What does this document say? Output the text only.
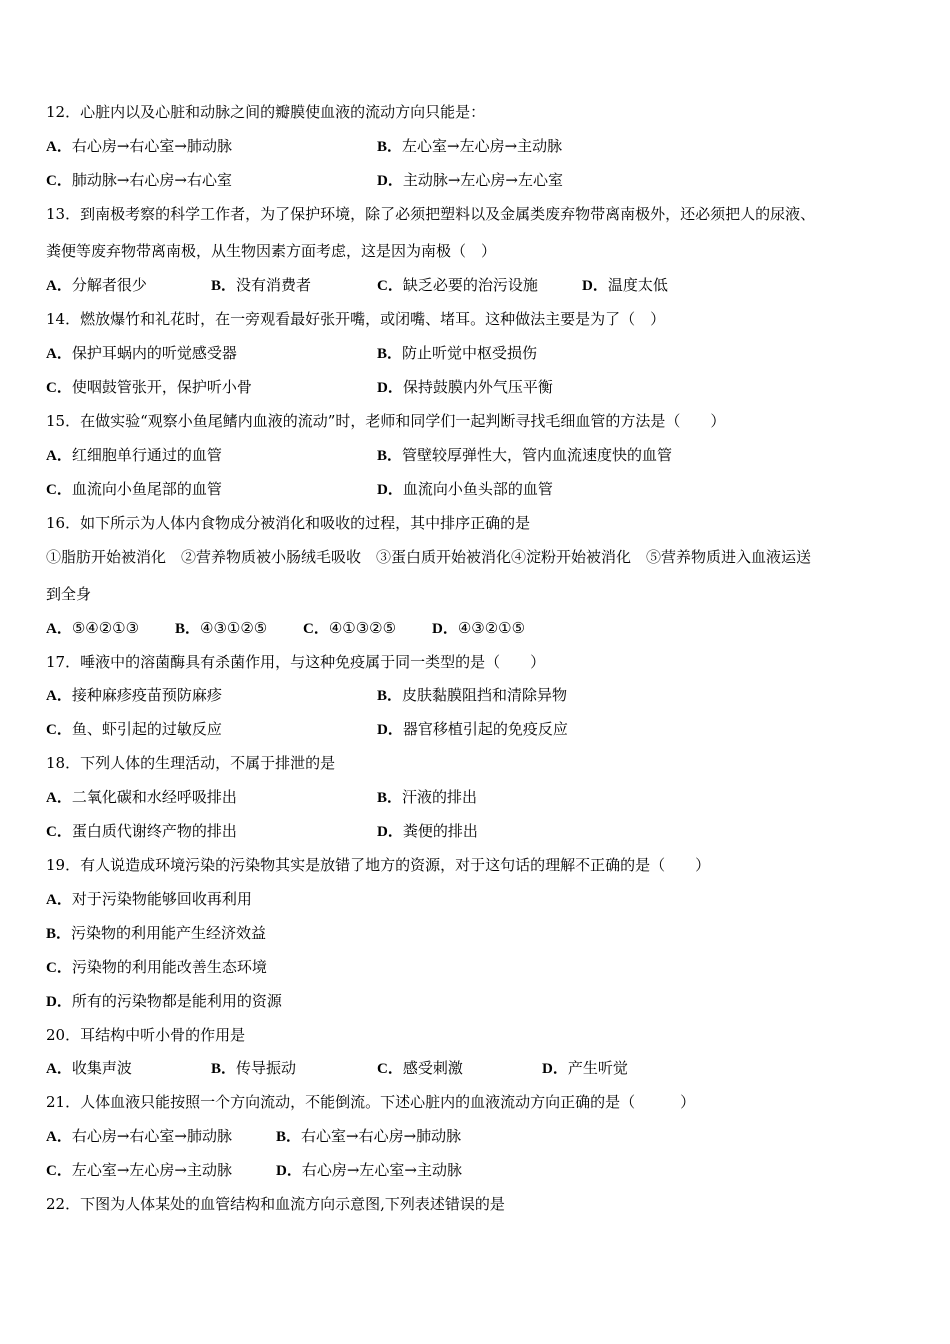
12．心脏内以及心脏和动脉之间的瓣膜使血液的流动方向只能是：
A．右心房→右心室→肺动脉	B．左心室→左心房→主动脉
C．肺动脉→右心房→右心室	D．主动脉→左心房→左心室
13．到南极考察的科学工作者，为了保护环境，除了必须把塑料以及金属类废弃物带离南极外，还必须把人的尿液、
粪便等废弃物带离南极，从生物因素方面考虑，这是因为南极（　）
A．分解者很少	B．没有消费者	C．缺乏必要的治污设施	D．温度太低
14．燃放爆竹和礼花时，在一旁观看最好张开嘴，或闭嘴、堵耳。这种做法主要是为了（　）
A．保护耳蜗内的听觉感受器	B．防止听觉中枢受损伤
C．使咽鼓管张开，保护听小骨	D．保持鼓膜内外气压平衡
15．在做实验“观察小鱼尾鳍内血液的流动”时，老师和同学们一起判断寻找毛细血管的方法是（　　）
A．红细胞单行通过的血管	B．管壁较厚弹性大，管内血流速度快的血管
C．血流向小鱼尾部的血管	D．血流向小鱼头部的血管
16．如下所示为人体内食物成分被消化和吸收的过程，其中排序正确的是
①脂肪开始被消化　②营养物质被小肠绒毛吸收　③蛋白质开始被消化④淀粉开始被消化　⑤营养物质进入血液运送
到全身
A．⑤④②①③ B．④③①②⑤ C．④①③②⑤ D．④③②①⑤
17．唾液中的溶菌酶具有杀菌作用，与这种免疫属于同一类型的是（　　）
A．接种麻疹疫苗预防麻疹	B．皮肤黏膜阻挡和清除异物
C．鱼、虾引起的过敏反应	D．器官移植引起的免疫反应
18．下列人体的生理活动，不属于排泄的是
A．二氧化碳和水经呼吸排出	B．汗液的排出
C．蛋白质代谢终产物的排出	D．粪便的排出
19．有人说造成环境污染的污染物其实是放错了地方的资源，对于这句话的理解不正确的是（　　）
A．对于污染物能够回收再利用
B．污染物的利用能产生经济效益
C．污染物的利用能改善生态环境
D．所有的污染物都是能利用的资源
20．耳结构中听小骨的作用是
A．收集声波	B．传导振动	C．感受刺激	D．产生听觉
21．人体血液只能按照一个方向流动，不能倒流。下述心脏内的血液流动方向正确的是（　　　）
A．右心房→右心室→肺动脉	B．右心室→右心房→肺动脉
C．左心室→左心房→主动脉	D．右心房→左心室→主动脉
22．下图为人体某处的血管结构和血流方向示意图,下列表述错误的是
